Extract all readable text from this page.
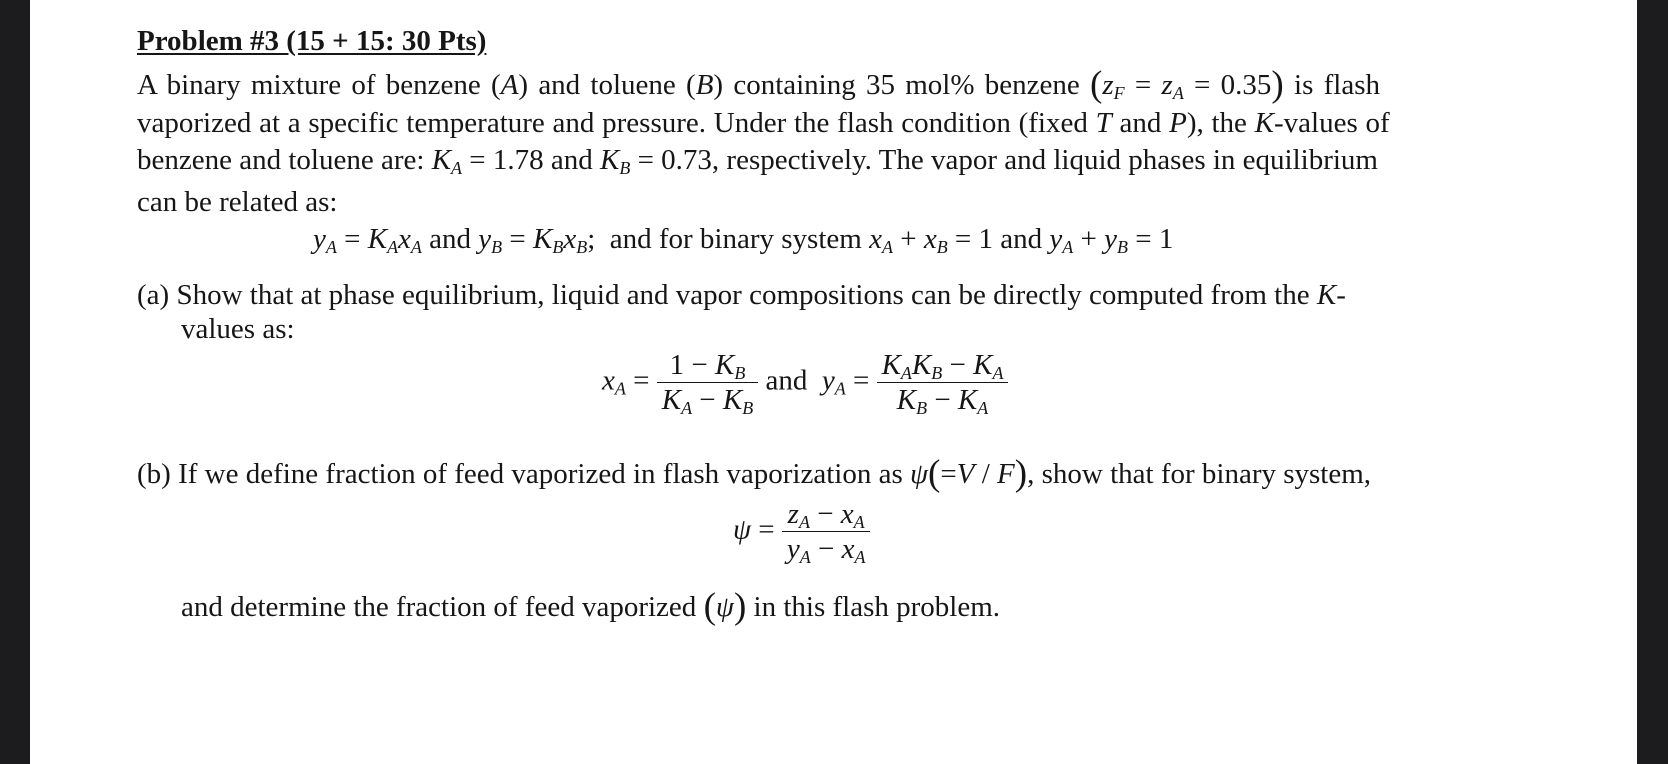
Problem #3 (15 + 15: 30 Pts)
A binary mixture of benzene (A) and toluene (B) containing 35 mol% benzene $(z_F = z_A = 0.35)$ is flash
vaporized at a specific temperature and pressure. Under the flash condition (fixed T and P), the K-values of
benzene and toluene are: $K_A = 1.78$ and $K_B = 0.73$, respectively. The vapor and liquid phases in equilibrium
can be related as:
$y_A = K_Ax_A$ and $y_B = K_Bx_B$; and for binary system $x_A + x_B = 1$ and $y_A + y_B = 1$
(a) Show that at phase equilibrium, liquid and vapor compositions can be directly computed from the K-
values as:
$x_A = \frac{1 - K_B}{K_A - K_B}$ and $y_A = \frac{K_AK_B - K_A}{K_B - K_A}$
(b) If we define fraction of feed vaporized in flash vaporization as ψ(=V / F), show that for binary system,
$\psi = \frac{z_A - x_A}{y_A - x_A}$
and determine the fraction of feed vaporized (ψ) in this flash problem.
